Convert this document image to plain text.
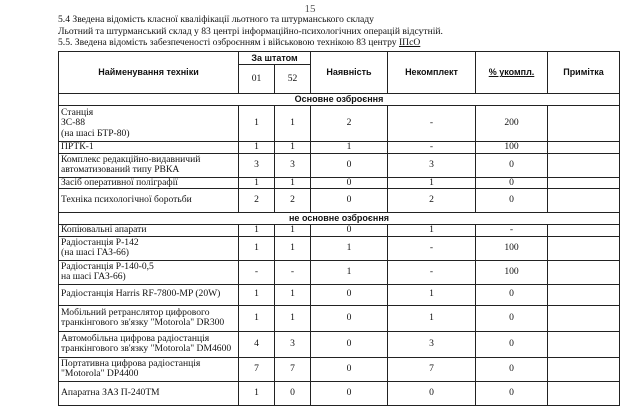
15
5.4 Зведена відомість класної кваліфікації льотного та штурманського складу
Льотний та штурманський склад у 83 центрі інформаційно-психологічних операцій відсутній.
5.5. Зведена відомість забезпеченості озброєнням і військовою технікою 83 центру ІПсО
Найменування техніки	За штатом		Наявність	Некомплект	% укомпл.	Примітка
	01	52				
Основне озброєння						
Станція
ЗС-88
(на шасі БТР-80)	1	1	2	-	200	
ПРТК-1	1	1	1	-	100	
Комплекс редакційно-видавничий автоматизований типу РВКА	3	3	0	3	0	
Засіб оперативної поліграфії	1	1	0	1	0	
Техніка психологічної боротьби	2	2	0	2	0	
не основне озброєння						
Копіювальні апарати	1	1	0	1	-	
Радіостанція Р-142
(на шасі ГАЗ-66)	1	1	1	-	100	
Радіостанція Р-140-0,5
на шасі ГАЗ-66)	-	-	1	-	100	
Радіостанція Harris RF-7800-MP (20W)	1	1	0	1	0	
Мобільний ретранслятор цифрового транкінгового зв'язку "Motorola" DR300	1	1	0	1	0	
Автомобільна цифрова радіостанція транкінгового зв'язку "Motorola" DM4600	4	3	0	3	0	
Портативна цифрова радіостанція "Motorola" DP4400	7	7	0	7	0	
Апаратна ЗАЗ П-240ТМ	1	0	0	0	0	
